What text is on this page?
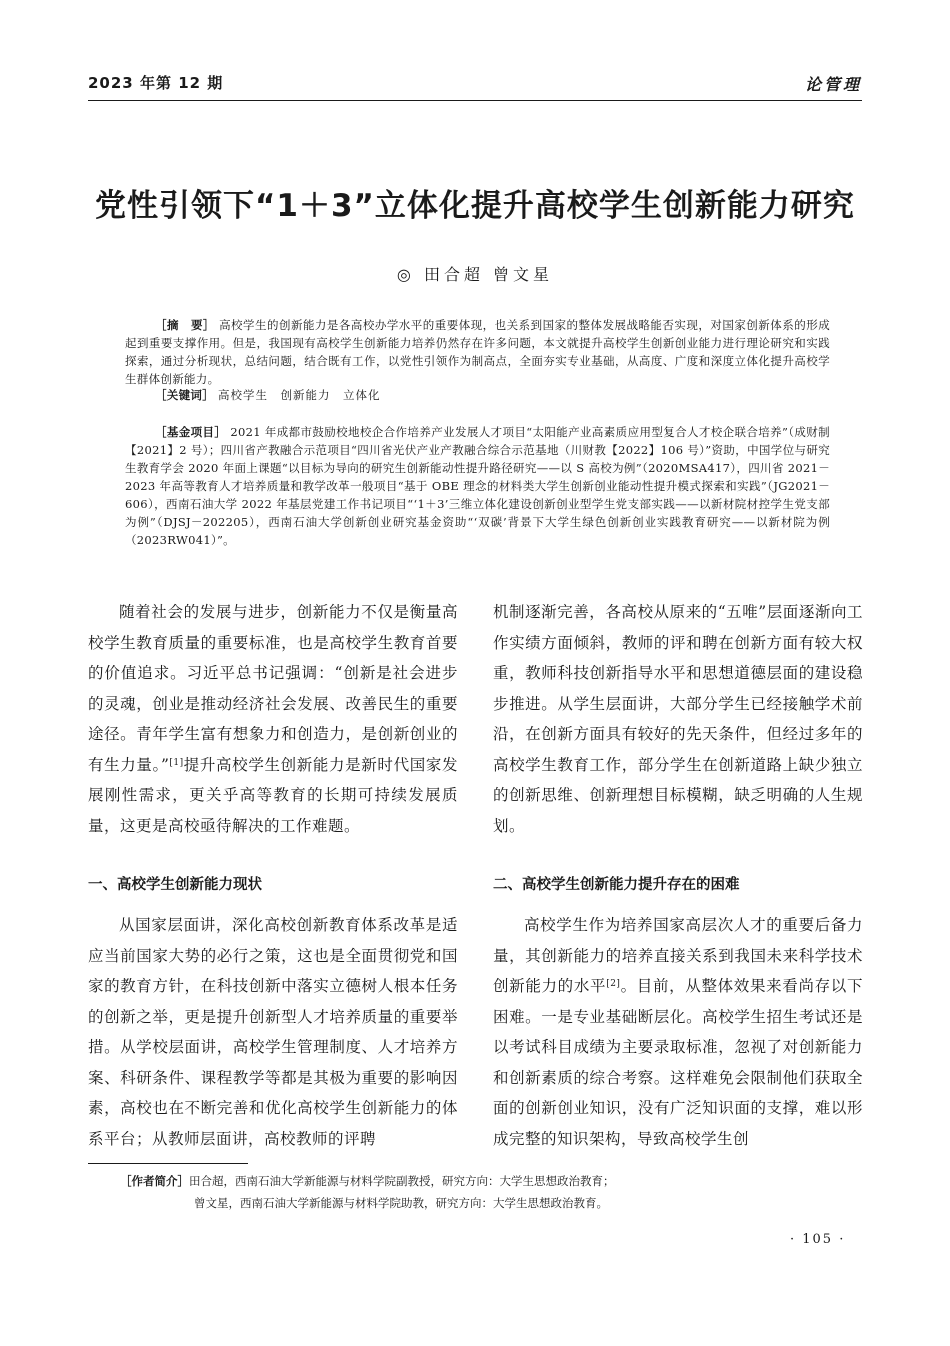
2023 年第 12 期	论管理
党性引领下“1＋3”立体化提升高校学生创新能力研究
◎ 田合超 曾文星
［摘　要］ 高校学生的创新能力是各高校办学水平的重要体现，也关系到国家的整体发展战略能否实现，对国家创新体系的形成起到重要支撑作用。但是，我国现有高校学生创新能力培养仍然存在许多问题，本文就提升高校学生创新创业能力进行理论研究和实践探索，通过分析现状，总结问题，结合既有工作，以党性引领作为制高点，全面夯实专业基础，从高度、广度和深度立体化提升高校学生群体创新能力。
［关键词］ 高校学生　创新能力　立体化
［基金项目］ 2021 年成都市鼓励校地校企合作培养产业发展人才项目“太阳能产业高素质应用型复合人才校企联合培养”（成财制【2021】2 号）；四川省产教融合示范项目“四川省光伏产业产教融合综合示范基地（川财教【2022】106 号）”资助，中国学位与研究生教育学会 2020 年面上课题“以目标为导向的研究生创新能动性提升路径研究——以 S 高校为例”（2020MSA417），四川省 2021－2023 年高等教育人才培养质量和教学改革一般项目“基于 OBE 理念的材料类大学生创新创业能动性提升模式探索和实践”（JG2021－606），西南石油大学 2022 年基层党建工作书记项目“‘1＋3’三维立体化建设创新创业型学生党支部实践——以新材院材控学生党支部为例”（DJSJ－202205），西南石油大学创新创业研究基金资助“‘双碳’背景下大学生绿色创新创业实践教育研究——以新材院为例（2023RW041）”。
随着社会的发展与进步，创新能力不仅是衡量高校学生教育质量的重要标准，也是高校学生教育首要的价值追求。习近平总书记强调：“创新是社会进步的灵魂，创业是推动经济社会发展、改善民生的重要途径。青年学生富有想象力和创造力，是创新创业的有生力量。”[1]提升高校学生创新能力是新时代国家发展刚性需求，更关乎高等教育的长期可持续发展质量，这更是高校亟待解决的工作难题。
一、高校学生创新能力现状
从国家层面讲，深化高校创新教育体系改革是适应当前国家大势的必行之策，这也是全面贯彻党和国家的教育方针，在科技创新中落实立德树人根本任务的创新之举，更是提升创新型人才培养质量的重要举措。从学校层面讲，高校学生管理制度、人才培养方案、科研条件、课程教学等都是其极为重要的影响因素，高校也在不断完善和优化高校学生创新能力的体系平台；从教师层面讲，高校教师的评聘
机制逐渐完善，各高校从原来的“五唯”层面逐渐向工作实绩方面倾斜，教师的评和聘在创新方面有较大权重，教师科技创新指导水平和思想道德层面的建设稳步推进。从学生层面讲，大部分学生已经接触学术前沿，在创新方面具有较好的先天条件，但经过多年的高校学生教育工作，部分学生在创新道路上缺少独立的创新思维、创新理想目标模糊，缺乏明确的人生规划。
二、高校学生创新能力提升存在的困难
高校学生作为培养国家高层次人才的重要后备力量，其创新能力的培养直接关系到我国未来科学技术创新能力的水平[2]。目前，从整体效果来看尚存以下困难。一是专业基础断层化。高校学生招生考试还是以考试科目成绩为主要录取标准，忽视了对创新能力和创新素质的综合考察。这样难免会限制他们获取全面的创新创业知识，没有广泛知识面的支撑，难以形成完整的知识架构，导致高校学生创
［作者简介］田合超，西南石油大学新能源与材料学院副教授，研究方向：大学生思想政治教育；
曾文星，西南石油大学新能源与材料学院助教，研究方向：大学生思想政治教育。
· 105 ·
